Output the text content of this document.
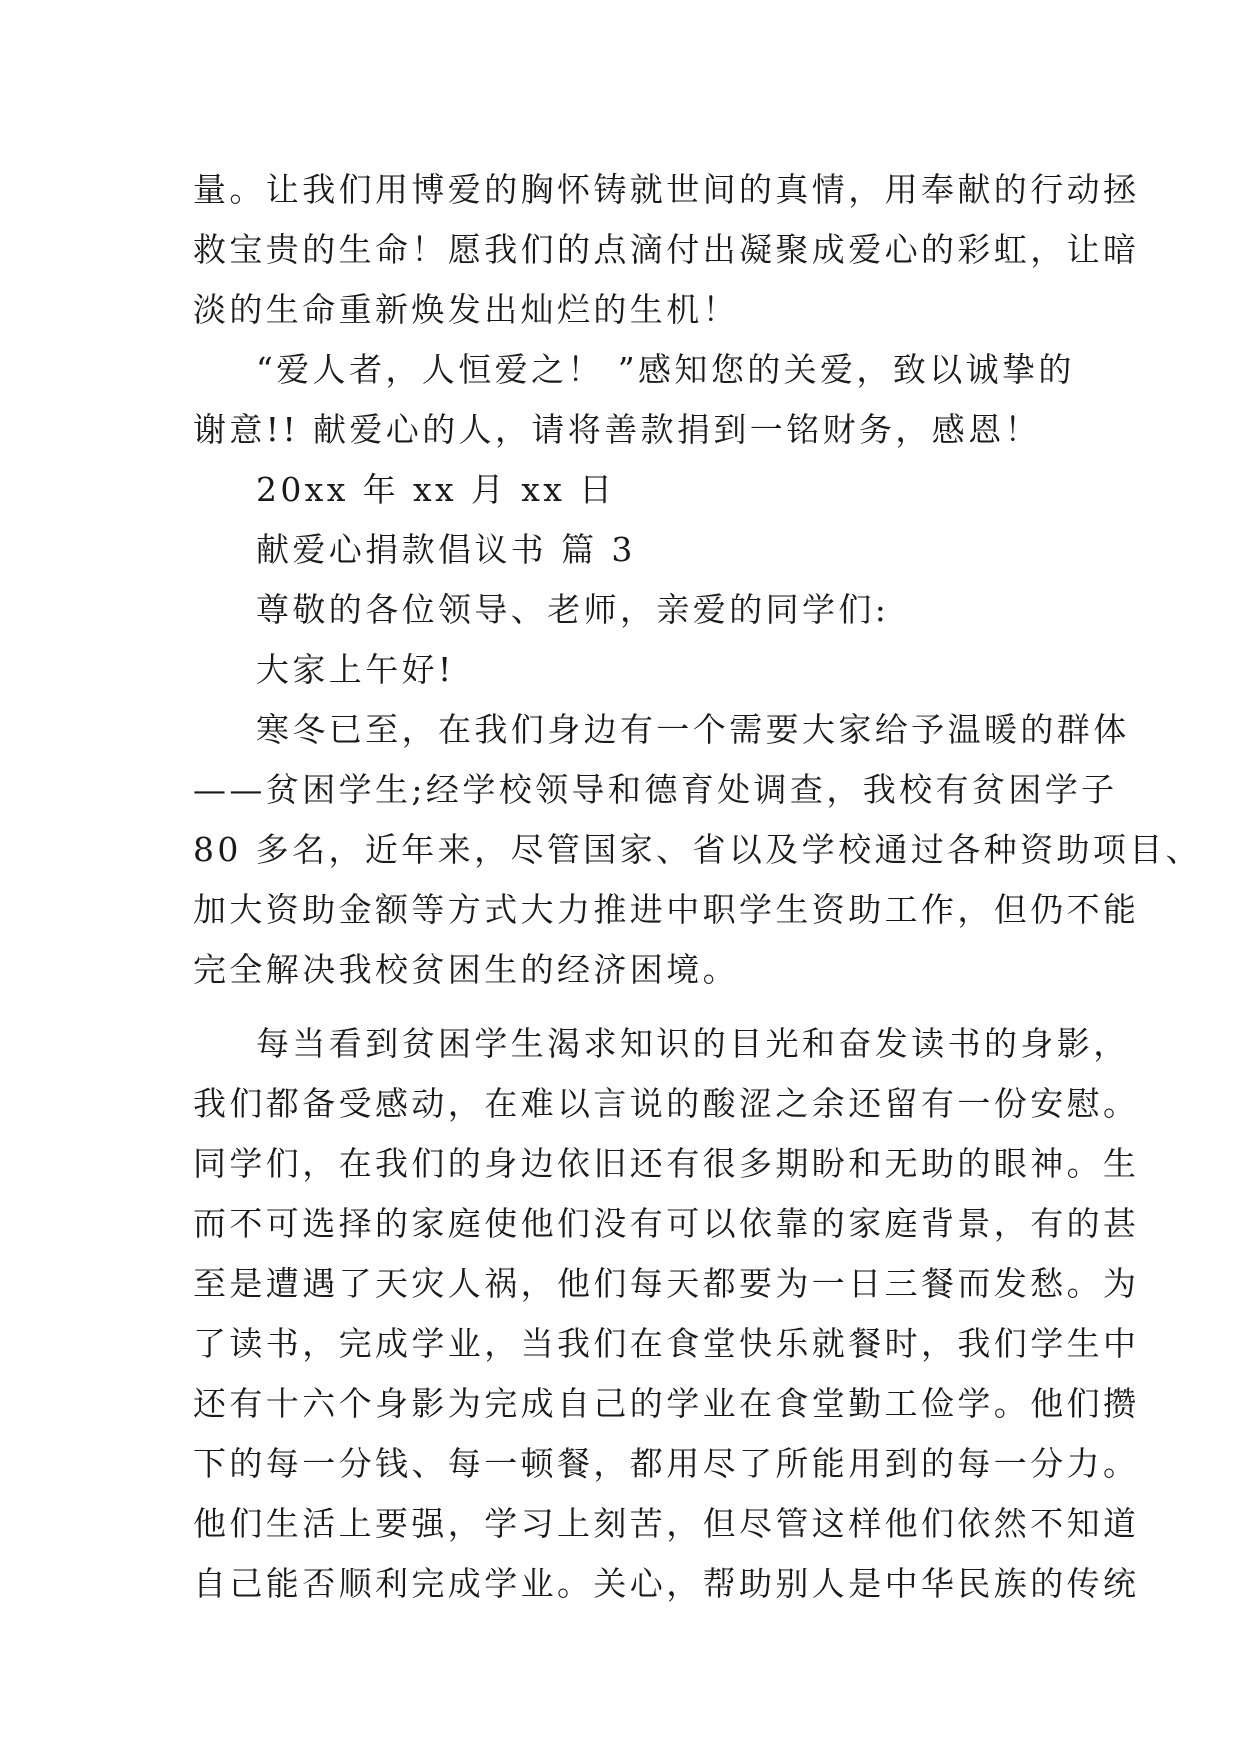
量。让我们用博爱的胸怀铸就世间的真情，用奉献的行动拯
救宝贵的生命！愿我们的点滴付出凝聚成爱心的彩虹，让暗
淡的生命重新焕发出灿烂的生机！
“爱人者，人恒爱之！ ”感知您的关爱，致以诚挚的
谢意!! 献爱心的人，请将善款捐到一铭财务，感恩！
20xx 年 xx 月 xx 日
献爱心捐款倡议书 篇 3
尊敬的各位领导、老师，亲爱的同学们:
大家上午好!
寒冬已至，在我们身边有一个需要大家给予温暖的群体
——贫困学生;经学校领导和德育处调查，我校有贫困学子
80 多名，近年来，尽管国家、省以及学校通过各种资助项目、
加大资助金额等方式大力推进中职学生资助工作，但仍不能
完全解决我校贫困生的经济困境。
每当看到贫困学生渴求知识的目光和奋发读书的身影，
我们都备受感动，在难以言说的酸涩之余还留有一份安慰。
同学们，在我们的身边依旧还有很多期盼和无助的眼神。生
而不可选择的家庭使他们没有可以依靠的家庭背景，有的甚
至是遭遇了天灾人祸，他们每天都要为一日三餐而发愁。为
了读书，完成学业，当我们在食堂快乐就餐时，我们学生中
还有十六个身影为完成自己的学业在食堂勤工俭学。他们攒
下的每一分钱、每一顿餐，都用尽了所能用到的每一分力。
他们生活上要强，学习上刻苦，但尽管这样他们依然不知道
自己能否顺利完成学业。关心，帮助别人是中华民族的传统
